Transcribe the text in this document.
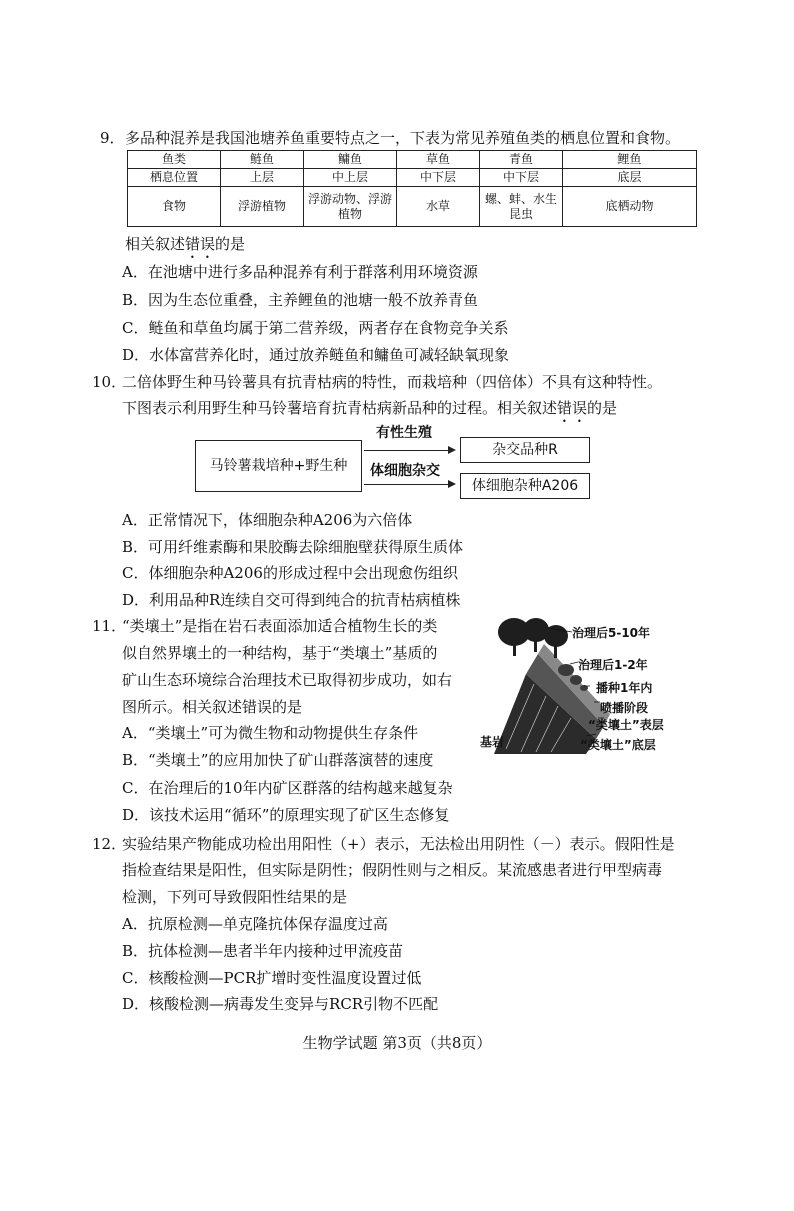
9． 多品种混养是我国池塘养鱼重要特点之一，下表为常见养殖鱼类的栖息位置和食物。
鱼类	鲢鱼	鳙鱼	草鱼	青鱼	鲤鱼
栖息位置	上层	中上层	中下层	中下层	底层
食物	浮游植物	浮游动物、浮游植物	水草	螺、蚌、水生昆虫	底栖动物
相关叙述错误的是
A．在池塘中进行多品种混养有利于群落利用环境资源
B．因为生态位重叠，主养鲤鱼的池塘一般不放养青鱼
C．鲢鱼和草鱼均属于第二营养级，两者存在食物竞争关系
D．水体富营养化时，通过放养鲢鱼和鳙鱼可减轻缺氧现象
10．
二倍体野生种马铃薯具有抗青枯病的特性，而栽培种（四倍体）不具有这种特性。
下图表示利用野生种马铃薯培育抗青枯病新品种的过程。相关叙述错误的是
马铃薯栽培种+野生种
有性生殖
杂交品种R
体细胞杂交
体细胞杂种A206
A．正常情况下，体细胞杂种A206为六倍体
B．可用纤维素酶和果胶酶去除细胞壁获得原生质体
C．体细胞杂种A206的形成过程中会出现愈伤组织
D．利用品种R连续自交可得到纯合的抗青枯病植株
11．
“类壤土”是指在岩石表面添加适合植物生长的类
似自然界壤土的一种结构，基于“类壤土”基质的
矿山生态环境综合治理技术已取得初步成功，如右
图所示。相关叙述错误的是
治理后5-10年
治理后1-2年
播种1年内
喷播阶段
“类壤土”表层
“类壤土”底层
基岩
A．“类壤土”可为微生物和动物提供生存条件
B．“类壤土”的应用加快了矿山群落演替的速度
C．在治理后的10年内矿区群落的结构越来越复杂
D．该技术运用“循环”的原理实现了矿区生态修复
12．
实验结果产物能成功检出用阳性（+）表示，无法检出用阴性（－）表示。假阳性是
指检查结果是阳性，但实际是阴性；假阴性则与之相反。某流感患者进行甲型病毒
检测，下列可导致假阳性结果的是
A．抗原检测—单克隆抗体保存温度过高
B．抗体检测—患者半年内接种过甲流疫苗
C．核酸检测—PCR扩增时变性温度设置过低
D．核酸检测—病毒发生变异与RCR引物不匹配
生物学试题 第3页（共8页）
